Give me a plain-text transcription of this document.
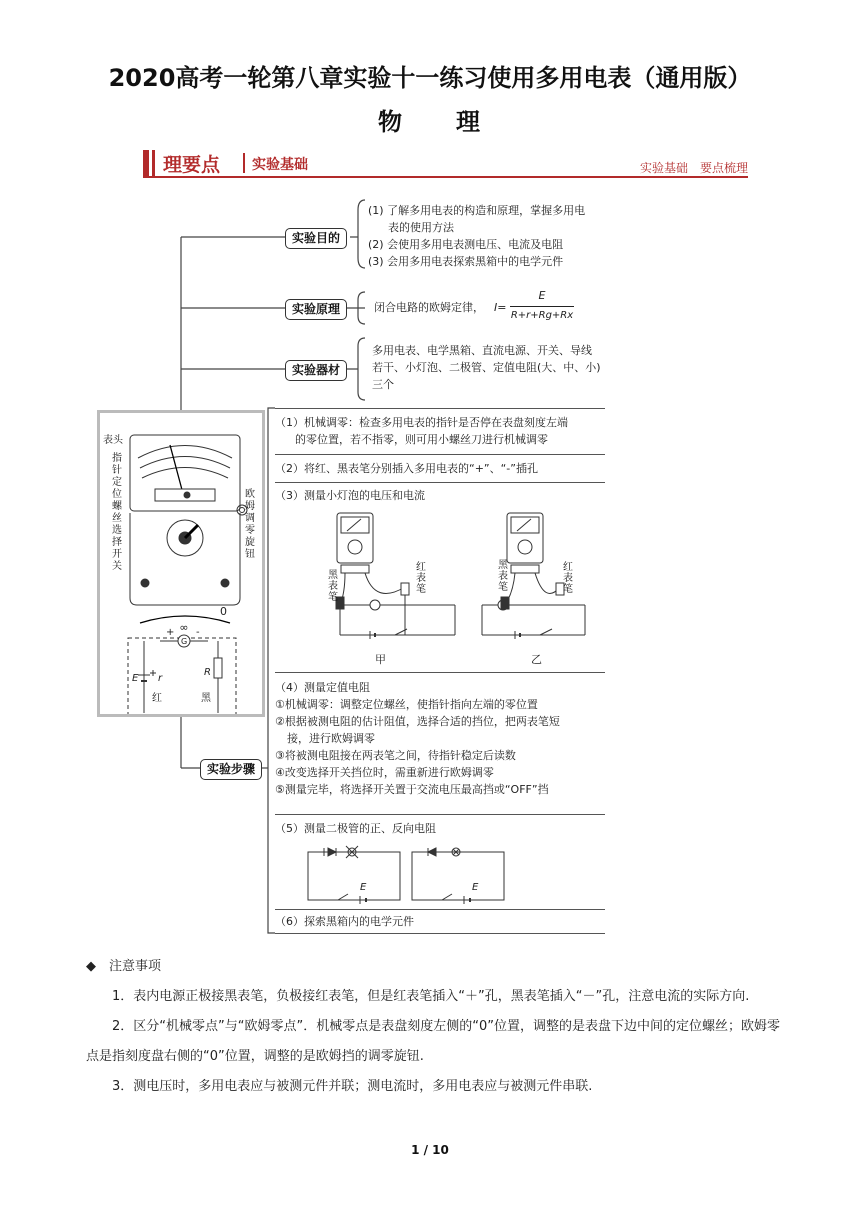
2020高考一轮第八章实验十一练习使用多用电表（通用版）
物　　理
理要点 实验基础	实验基础　要点梳理
实验目的
(1) 了解多用电表的构造和原理，掌握多用电
表的使用方法
(2) 会使用多用电表测电压、电流及电阻
(3) 会用多用电表探索黑箱中的电学元件
实验原理	闭合电路的欧姆定律， I=
E
R+r+Rg+Rx
实验器材
多用电表、电学黑箱、直流电源、开关、导线
若干、小灯泡、二极管、定值电阻(大、中、小)
三个
实验步骤
表头
∞
0
G
+ -
E r
R
指针定位螺丝
选择开关
欧姆调零旋钮
红	黑
（1）机械调零：检查多用电表的指针是否停在表盘刻度左端
的零位置，若不指零，则可用小螺丝刀进行机械调零
（2）将红、黑表笔分别插入多用电表的“+”、“-”插孔
（3）测量小灯泡的电压和电流
甲	乙
黑表笔
红表笔
黑表笔
红表笔
（4）测量定值电阻
①机械调零：调整定位螺丝，使指针指向左端的零位置
②根据被测电阻的估计阻值，选择合适的挡位，把两表笔短
接，进行欧姆调零
③将被测电阻接在两表笔之间，待指针稳定后读数
④改变选择开关挡位时，需重新进行欧姆调零
⑤测量完毕，将选择开关置于交流电压最高挡或“OFF”挡
（5）测量二极管的正、反向电阻
E	E
（6）探索黑箱内的电学元件
◆　注意事项

1．表内电源正极接黑表笔，负极接红表笔，但是红表笔插入“＋”孔，黑表笔插入“－”孔，注意电流的实际方向.

2．区分“机械零点”与“欧姆零点”．机械零点是表盘刻度左侧的“0”位置，调整的是表盘下边中间的定位螺丝；欧姆零点是指刻度盘右侧的“0”位置，调整的是欧姆挡的调零旋钮.

3．测电压时，多用电表应与被测元件并联；测电流时，多用电表应与被测元件串联.

1 / 10
